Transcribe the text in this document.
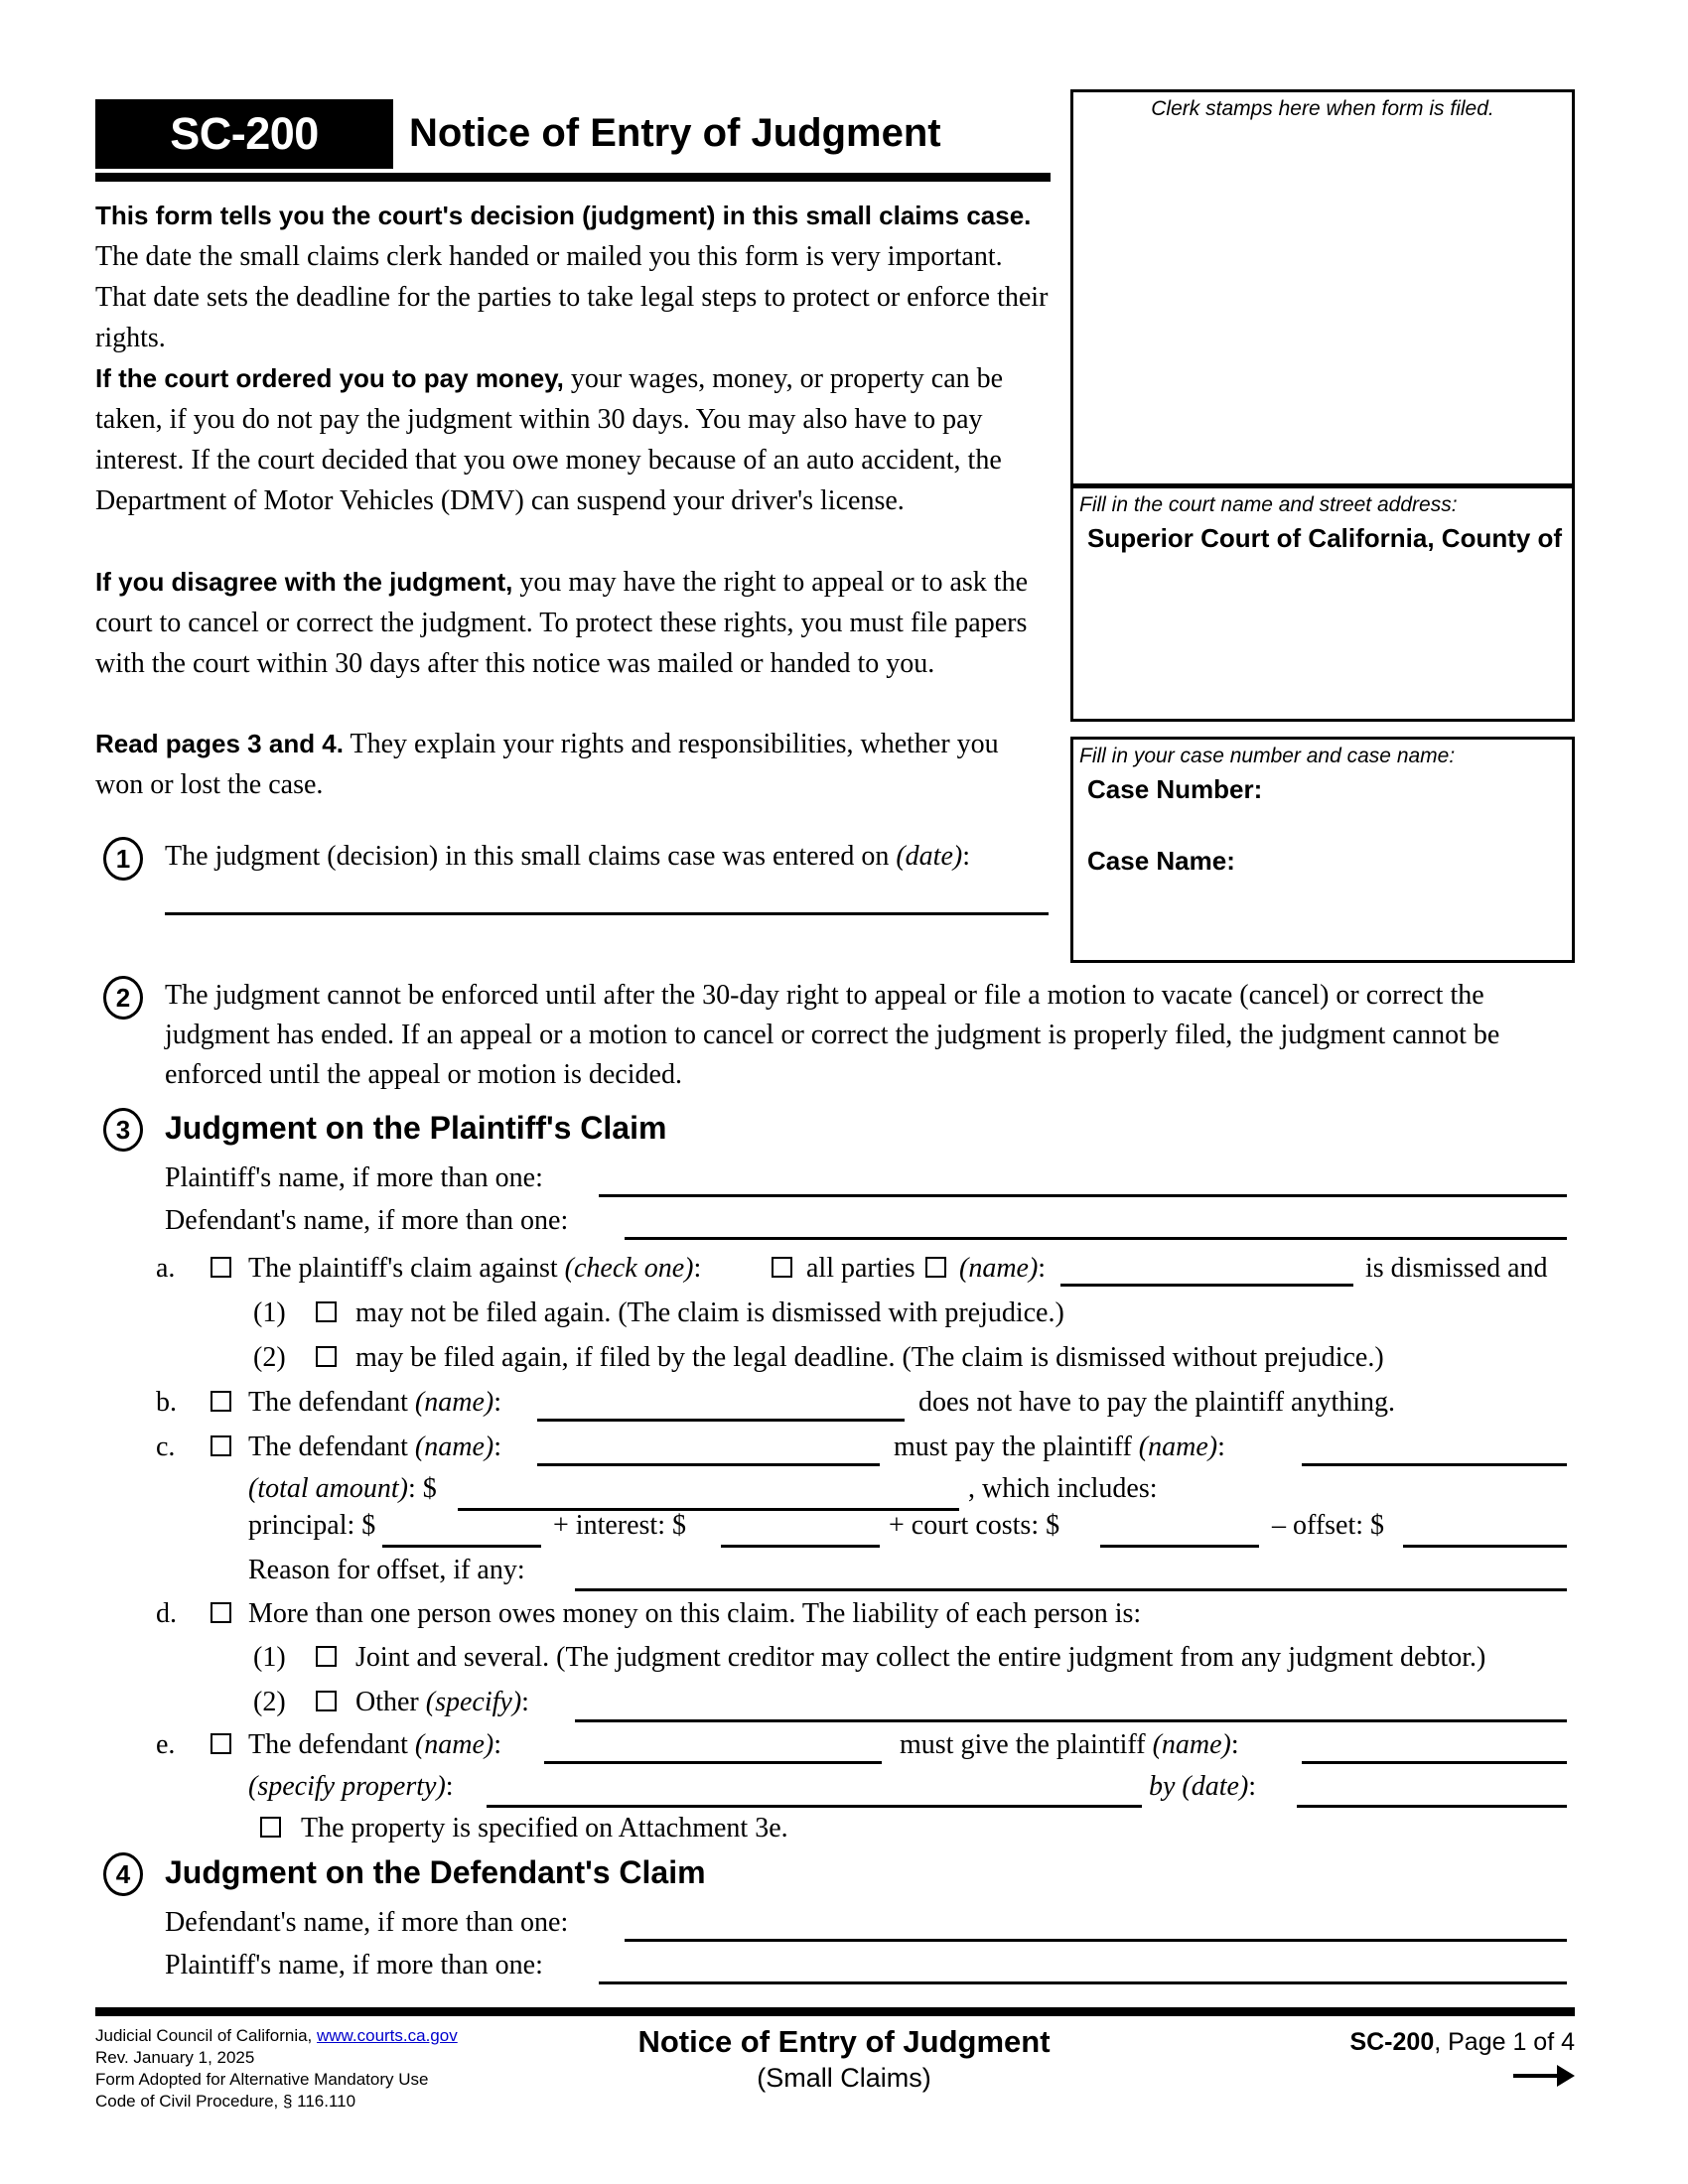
SC-200	Notice of Entry of Judgment
Clerk stamps here when form is filed.
Fill in the court name and street address:
Superior Court of California, County of
Fill in your case number and case name:
Case Number:
Case Name:
This form tells you the court's decision (judgment) in this small claims case. The date the small claims clerk handed or mailed you this form is very important. That date sets the deadline for the parties to take legal steps to protect or enforce their rights.
If the court ordered you to pay money, your wages, money, or property can be taken, if you do not pay the judgment within 30 days. You may also have to pay interest. If the court decided that you owe money because of an auto accident, the Department of Motor Vehicles (DMV) can suspend your driver's license.
If you disagree with the judgment, you may have the right to appeal or to ask the court to cancel or correct the judgment. To protect these rights, you must file papers with the court within 30 days after this notice was mailed or handed to you.
Read pages 3 and 4. They explain your rights and responsibilities, whether you won or lost the case.
1	The judgment (decision) in this small claims case was entered on (date):
2	The judgment cannot be enforced until after the 30-day right to appeal or file a motion to vacate (cancel) or correct the judgment has ended. If an appeal or a motion to cancel or correct the judgment is properly filed, the judgment cannot be enforced until the appeal or motion is decided.
3	Judgment on the Plaintiff's Claim
Plaintiff's name, if more than one:
Defendant's name, if more than one:
a.	The plaintiff's claim against (check one):	all parties (name):	is dismissed and
(1)	may not be filed again. (The claim is dismissed with prejudice.)
(2)	may be filed again, if filed by the legal deadline. (The claim is dismissed without prejudice.)
b.	The defendant (name):	does not have to pay the plaintiff anything.
c.	The defendant (name):	must pay the plaintiff (name):
(total amount): $	, which includes:
principal: $	+ interest: $	+ court costs: $	– offset: $
Reason for offset, if any:
d.	More than one person owes money on this claim. The liability of each person is:
(1)	Joint and several. (The judgment creditor may collect the entire judgment from any judgment debtor.)
(2)	Other (specify):
e.	The defendant (name):	must give the plaintiff (name):
(specify property):	by (date):
The property is specified on Attachment 3e.
4	Judgment on the Defendant's Claim
Defendant's name, if more than one:
Plaintiff's name, if more than one:
Judicial Council of California, www.courts.ca.gov
Rev. January 1, 2025
Form Adopted for Alternative Mandatory Use
Code of Civil Procedure, § 116.110
Notice of Entry of Judgment
(Small Claims)
SC-200, Page 1 of 4
